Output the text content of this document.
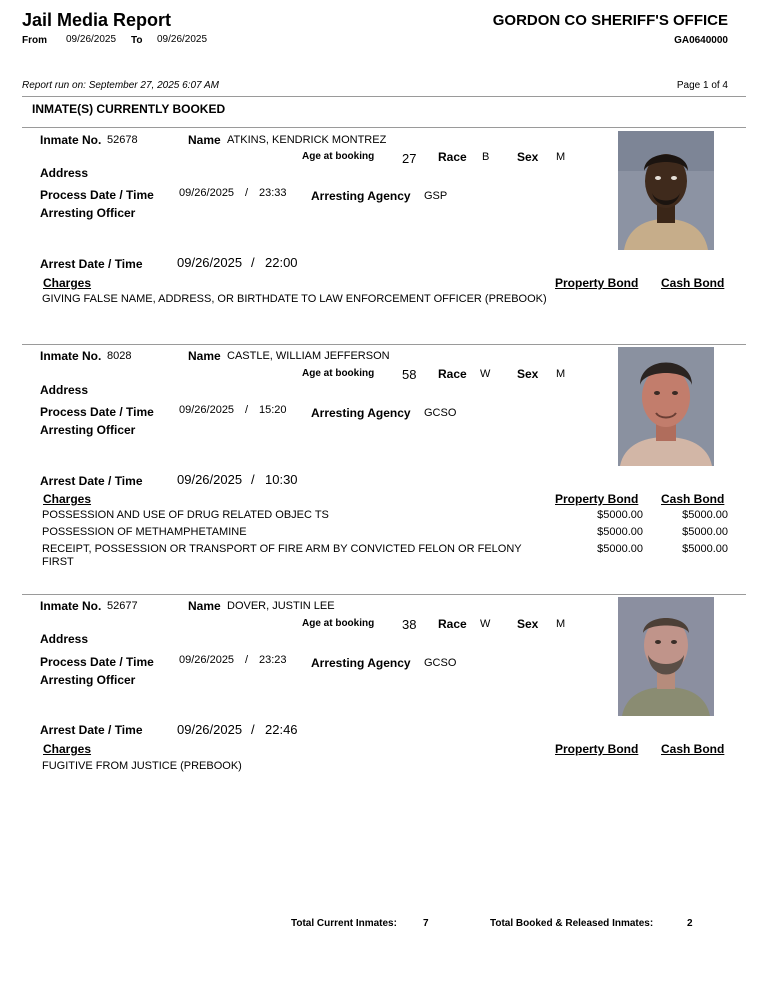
Jail Media Report
From 09/26/2025 To 09/26/2025
GORDON CO SHERIFF'S OFFICE
GA0640000
Report run on: September 27, 2025 6:07 AM	Page 1 of 4
INMATE(S) CURRENTLY BOOKED
Inmate No. 52678	Name ATKINS, KENDRICK MONTREZ
Age at booking 27 Race B Sex M
Address
Process Date / Time 09/26/2025 / 23:33 Arresting Agency GSP
Arresting Officer
Arrest Date / Time	09/26/2025 / 22:00
Charges	Property Bond Cash Bond
GIVING FALSE NAME, ADDRESS, OR BIRTHDATE TO LAW ENFORCEMENT OFFICER (PREBOOK)
Inmate No. 8028	Name CASTLE, WILLIAM JEFFERSON
Age at booking 58 Race W Sex M
Address
Process Date / Time 09/26/2025 / 15:20 Arresting Agency GCSO
Arresting Officer
Arrest Date / Time	09/26/2025 / 10:30
Charges	Property Bond Cash Bond
POSSESSION AND USE OF DRUG RELATED OBJEC TS	$5000.00	$5000.00
POSSESSION OF METHAMPHETAMINE	$5000.00	$5000.00
RECEIPT, POSSESSION OR TRANSPORT OF FIRE ARM BY CONVICTED FELON OR FELONY FIRST
$5000.00	$5000.00
Inmate No. 52677	Name DOVER, JUSTIN LEE
Age at booking 38 Race W Sex M
Address
Process Date / Time 09/26/2025 / 23:23 Arresting Agency GCSO
Arresting Officer
Arrest Date / Time	09/26/2025 / 22:46
Charges	Property Bond Cash Bond
FUGITIVE FROM JUSTICE (PREBOOK)
Total Current Inmates:	7	Total Booked & Released Inmates:	2
